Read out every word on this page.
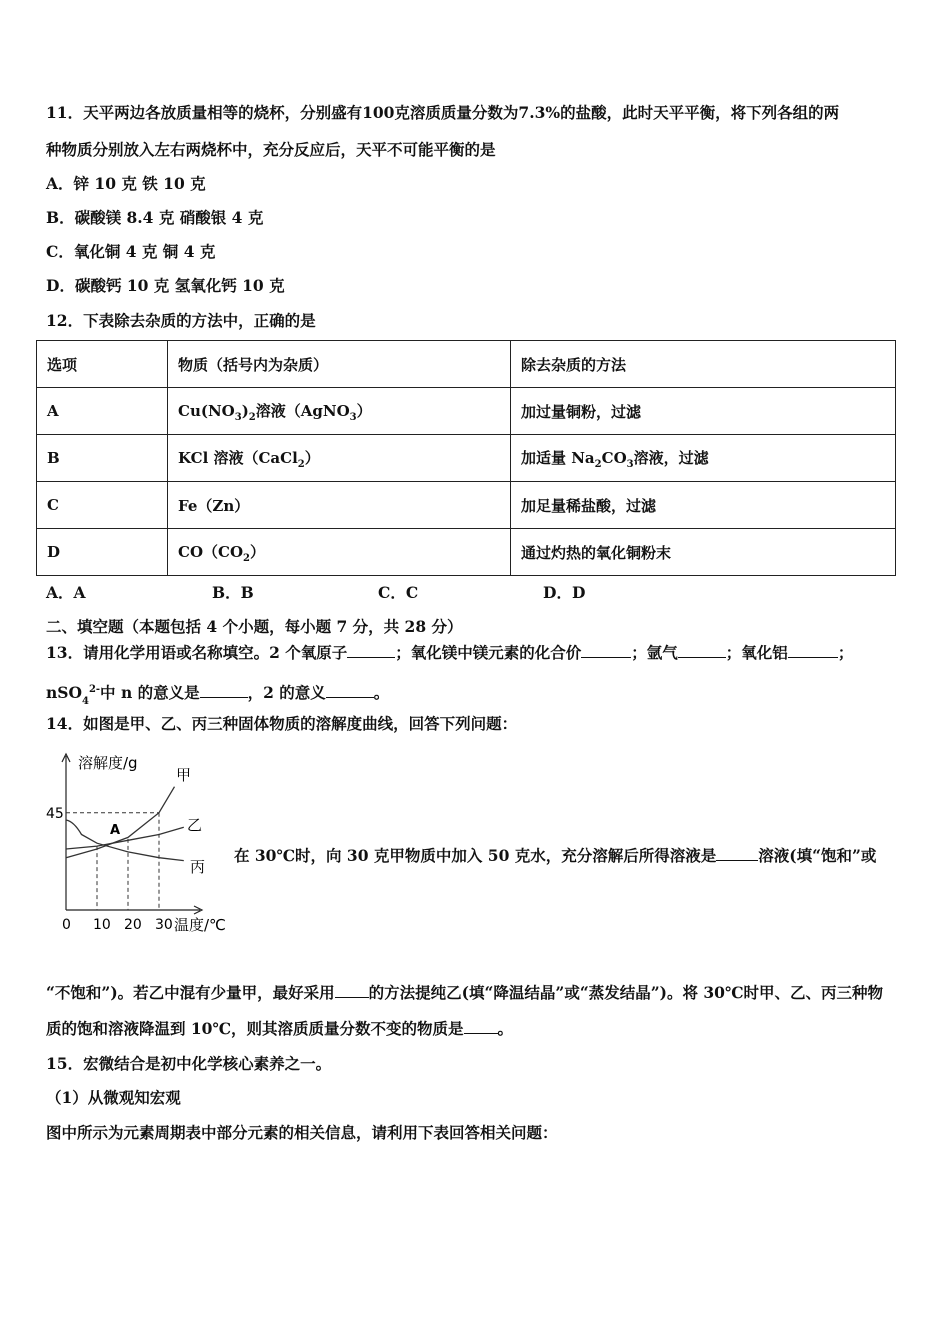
11．天平两边各放质量相等的烧杯，分别盛有100克溶质质量分数为7.3%的盐酸，此时天平平衡，将下列各组的两
种物质分别放入左右两烧杯中，充分反应后，天平不可能平衡的是
A．锌 10 克 铁 10 克
B．碳酸镁 8.4 克 硝酸银 4 克
C．氧化铜 4 克 铜 4 克
D．碳酸钙 10 克 氢氧化钙 10 克
12．下表除去杂质的方法中，正确的是
选项	物质（括号内为杂质）	除去杂质的方法
A	$Cu(NO_3)_2$溶液（AgNO$_3$）	加过量铜粉，过滤
B	KCl 溶液（CaCl$_2$）	加适量 $Na_2CO_3$溶液，过滤
C	Fe（Zn）	加足量稀盐酸，过滤
D	$CO(CO_2)$	通过灼热的氧化铜粉末
A．A	B．B	C．C	D．D
二、填空题（本题包括 4 个小题，每小题 7 分，共 28 分）
13．请用化学用语或名称填空。2 个氧原子	；氧化镁中镁元素的化合价	；氩气	；氧化铝	；
nSO$_4^{2-}$中 n 的意义是	，2 的意义	。
14．如图是甲、乙、丙三种固体物质的溶解度曲线，回答下列问题：
0 10 20 30
45
甲
乙
丙
溶解度/g
温度/℃
A
在 30℃时，向 30 克甲物质中加入 50 克水，充分溶解后所得溶液是	溶液(填“饱和”或
“不饱和”)。若乙中混有少量甲，最好采用 的方法提纯乙(填“降温结晶”或“蒸发结晶”)。将 30℃时甲、乙、丙三种物
质的饱和溶液降温到 10℃，则其溶质质量分数不变的物质是 。
15．宏微结合是初中化学核心素养之一。
（1）从微观知宏观
图中所示为元素周期表中部分元素的相关信息，请利用下表回答相关问题：
